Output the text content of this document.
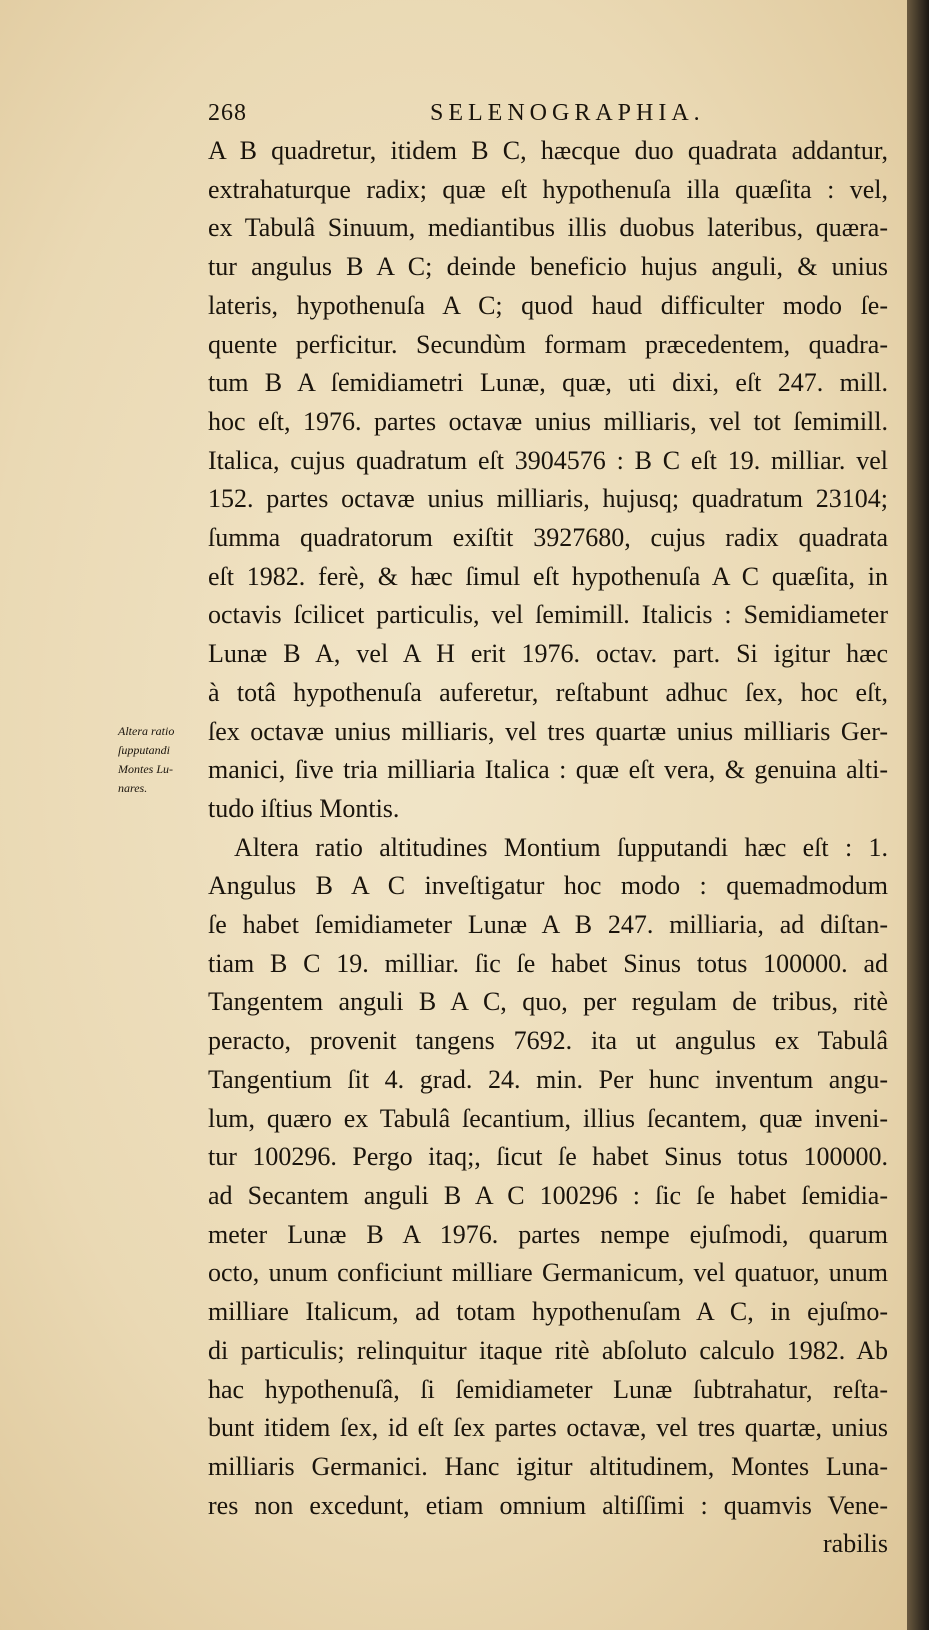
268	SELENOGRAPHIA.
Altera ratio
ſupputandi
Montes Lu-
nares.
A B quadretur, itidem B C, hæcque duo quadrata addantur,
extrahaturque radix; quæ eſt hypothenuſa illa quæſita : vel,
ex Tabulâ Sinuum, mediantibus illis duobus lateribus, quæra-
tur angulus B A C; deinde beneficio hujus anguli, & unius
lateris, hypothenuſa A C; quod haud difficulter modo ſe-
quente perficitur. Secundùm formam præcedentem, quadra-
tum B A ſemidiametri Lunæ, quæ, uti dixi, eſt 247. mill.
hoc eſt, 1976. partes octavæ unius milliaris, vel tot ſemimill.
Italica, cujus quadratum eſt 3904576 : B C eſt 19. milliar. vel
152. partes octavæ unius milliaris, hujusq; quadratum 23104;
ſumma quadratorum exiſtit 3927680, cujus radix quadrata
eſt 1982. ferè, & hæc ſimul eſt hypothenuſa A C quæſita, in
octavis ſcilicet particulis, vel ſemimill. Italicis : Semidiameter
Lunæ B A, vel A H erit 1976. octav. part. Si igitur hæc
à totâ hypothenuſa auferetur, reſtabunt adhuc ſex, hoc eſt,
ſex octavæ unius milliaris, vel tres quartæ unius milliaris Ger-
manici, ſive tria milliaria Italica : quæ eſt vera, & genuina alti-
tudo iſtius Montis.
Altera ratio altitudines Montium ſupputandi hæc eſt : 1.
Angulus B A C inveſtigatur hoc modo : quemadmodum
ſe habet ſemidiameter Lunæ A B 247. milliaria, ad diſtan-
tiam B C 19. milliar. ſic ſe habet Sinus totus 100000. ad
Tangentem anguli B A C, quo, per regulam de tribus, ritè
peracto, provenit tangens 7692. ita ut angulus ex Tabulâ
Tangentium ſit 4. grad. 24. min. Per hunc inventum angu-
lum, quæro ex Tabulâ ſecantium, illius ſecantem, quæ inveni-
tur 100296. Pergo itaq;, ſicut ſe habet Sinus totus 100000.
ad Secantem anguli B A C 100296 : ſic ſe habet ſemidia-
meter Lunæ B A 1976. partes nempe ejuſmodi, quarum
octo, unum conficiunt milliare Germanicum, vel quatuor, unum
milliare Italicum, ad totam hypothenuſam A C, in ejuſmo-
di particulis; relinquitur itaque ritè abſoluto calculo 1982. Ab
hac hypothenuſâ, ſi ſemidiameter Lunæ ſubtrahatur, reſta-
bunt itidem ſex, id eſt ſex partes octavæ, vel tres quartæ, unius
milliaris Germanici. Hanc igitur altitudinem, Montes Luna-
res non excedunt, etiam omnium altiſſimi : quamvis Vene-
rabilis
